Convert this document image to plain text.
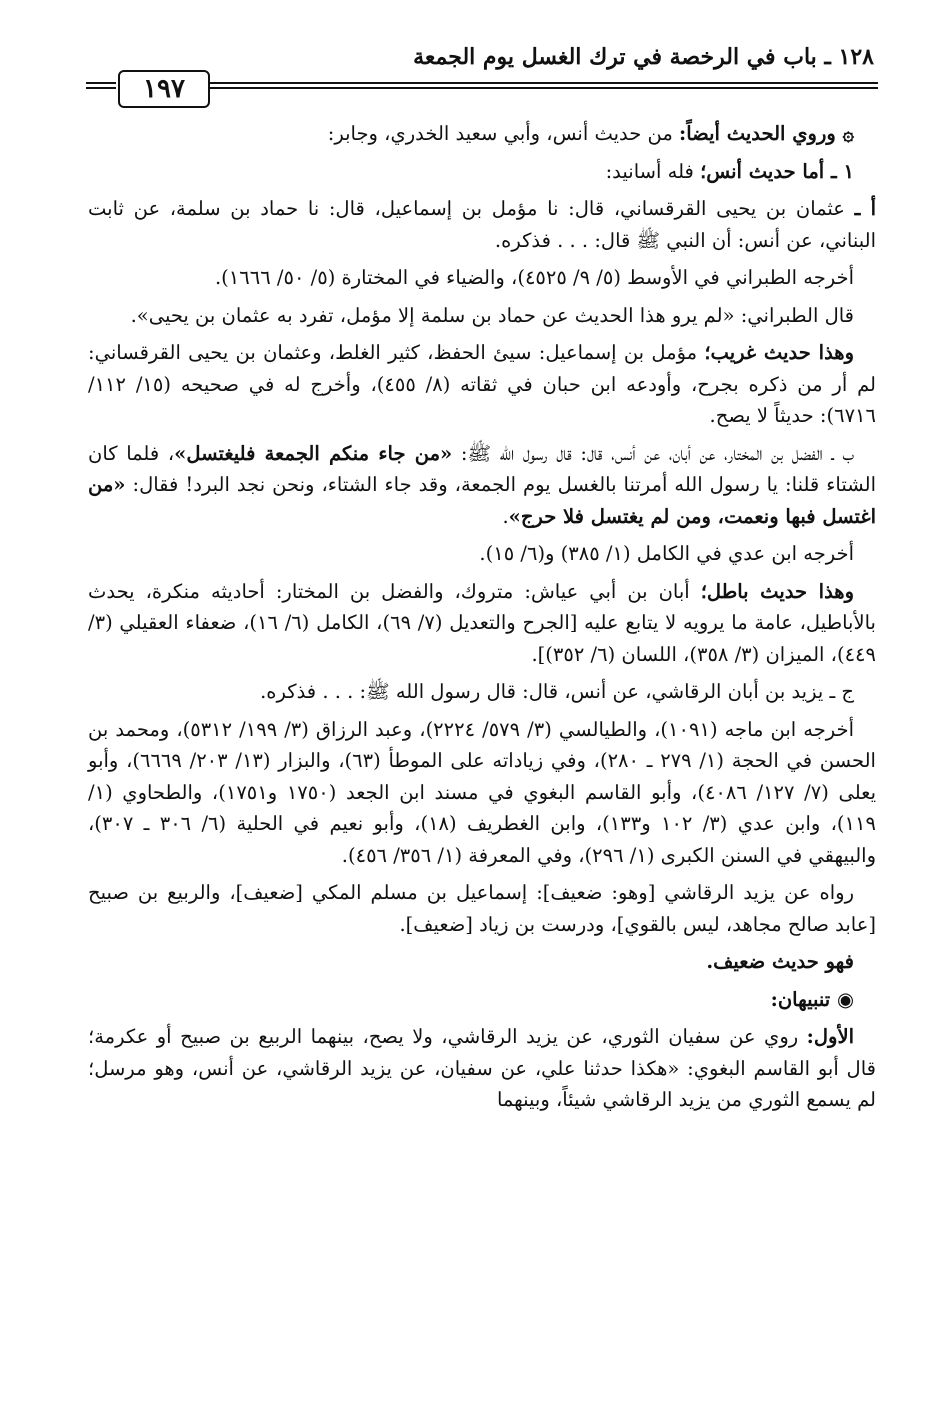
١٢٨ ـ باب في الرخصة في ترك الغسل يوم الجمعة
١٩٧

۞ وروي الحديث أيضاً: من حديث أنس، وأبي سعيد الخدري، وجابر:

١ ـ أما حديث أنس؛ فله أسانيد:

أ ـ عثمان بن يحيى القرقساني، قال: نا مؤمل بن إسماعيل، قال: نا حماد بن سلمة، عن ثابت البناني، عن أنس: أن النبي ﷺ قال: . . . فذكره.

أخرجه الطبراني في الأوسط (٥/ ٩/ ٤٥٢٥)، والضياء في المختارة (٥/ ٥٠/ ١٦٦٦).

قال الطبراني: «لم يرو هذا الحديث عن حماد بن سلمة إلا مؤمل، تفرد به عثمان بن يحيى».

وهذا حديث غريب؛ مؤمل بن إسماعيل: سيئ الحفظ، كثير الغلط، وعثمان بن يحيى القرقساني: لم أر من ذكره بجرح، وأودعه ابن حبان في ثقاته (٨/ ٤٥٥)، وأخرج له في صحيحه (١٥/ ١١٢/ ٦٧١٦): حديثاً لا يصح.

ب ـ الفضل بن المختار، عن أبان، عن أنس، قال: قال رسول الله ﷺ: «من جاء منكم الجمعة فليغتسل»، فلما كان الشتاء قلنا: يا رسول الله أمرتنا بالغسل يوم الجمعة، وقد جاء الشتاء، ونحن نجد البرد! فقال: «من اغتسل فبها ونعمت، ومن لم يغتسل فلا حرج».

أخرجه ابن عدي في الكامل (١/ ٣٨٥) و(٦/ ١٥).

وهذا حديث باطل؛ أبان بن أبي عياش: متروك، والفضل بن المختار: أحاديثه منكرة، يحدث بالأباطيل، عامة ما يرويه لا يتابع عليه [الجرح والتعديل (٧/ ٦٩)، الكامل (٦/ ١٦)، ضعفاء العقيلي (٣/ ٤٤٩)، الميزان (٣/ ٣٥٨)، اللسان (٦/ ٣٥٢)].

ج ـ يزيد بن أبان الرقاشي، عن أنس، قال: قال رسول الله ﷺ: . . . فذكره.

أخرجه ابن ماجه (١٠٩١)، والطيالسي (٣/ ٥٧٩/ ٢٢٢٤)، وعبد الرزاق (٣/ ١٩٩/ ٥٣١٢)، ومحمد بن الحسن في الحجة (١/ ٢٧٩ ـ ٢٨٠)، وفي زياداته على الموطأ (٦٣)، والبزار (١٣/ ٢٠٣/ ٦٦٦٩)، وأبو يعلى (٧/ ١٢٧/ ٤٠٨٦)، وأبو القاسم البغوي في مسند ابن الجعد (١٧٥٠ و١٧٥١)، والطحاوي (١/ ١١٩)، وابن عدي (٣/ ١٠٢ و١٣٣)، وابن الغطريف (١٨)، وأبو نعيم في الحلية (٦/ ٣٠٦ ـ ٣٠٧)، والبيهقي في السنن الكبرى (١/ ٢٩٦)، وفي المعرفة (١/ ٣٥٦/ ٤٥٦).

رواه عن يزيد الرقاشي [وهو: ضعيف]: إسماعيل بن مسلم المكي [ضعيف]، والربيع بن صبيح [عابد صالح مجاهد، ليس بالقوي]، ودرست بن زياد [ضعيف].

فهو حديث ضعيف.

◉ تنبيهان:

الأول: روي عن سفيان الثوري، عن يزيد الرقاشي، ولا يصح، بينهما الربيع بن صبيح أو عكرمة؛ قال أبو القاسم البغوي: «هكذا حدثنا علي، عن سفيان، عن يزيد الرقاشي، عن أنس، وهو مرسل؛ لم يسمع الثوري من يزيد الرقاشي شيئاً، وبينهما
